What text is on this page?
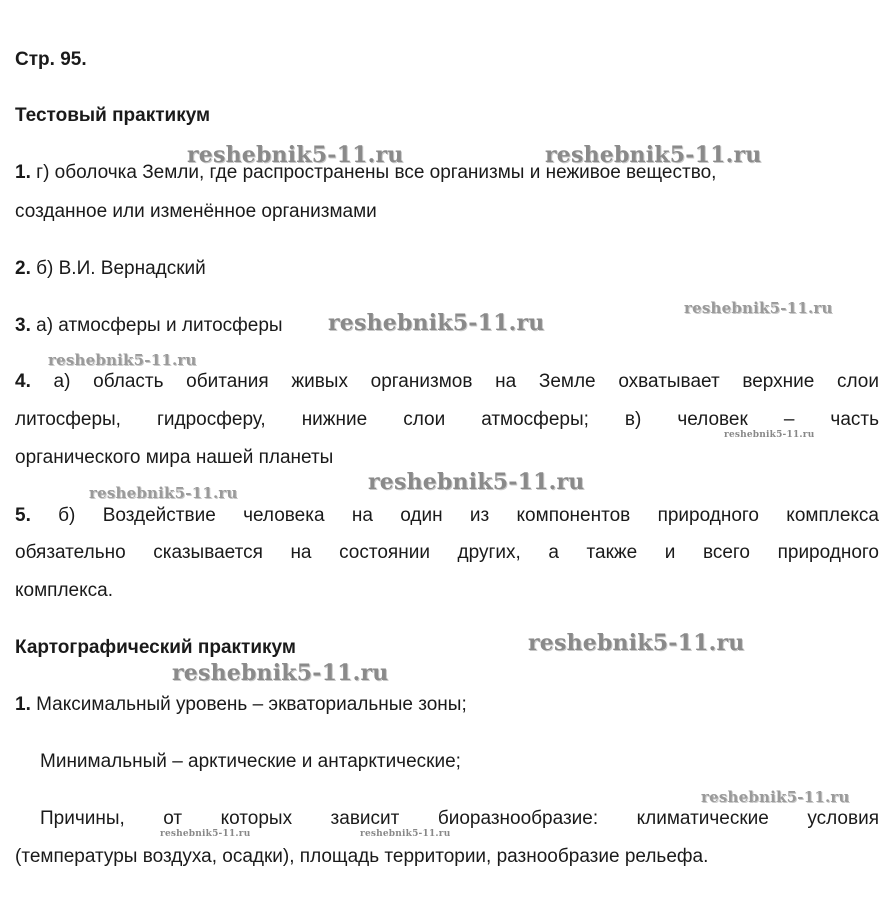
Стр. 95.
Тестовый практикум
1. г) оболочка Земли, где распространены все организмы и неживое вещество,
созданное или изменённое организмами
2. б) В.И. Вернадский
3. а) атмосферы и литосферы
4. а) область обитания живых организмов на Земле охватывает верхние слои
литосферы, гидросферу, нижние слои атмосферы; в) человек – часть
органического мира нашей планеты
5. б) Воздействие человека на один из компонентов природного комплекса
обязательно сказывается на состоянии других, а также и всего природного
комплекса.
Картографический практикум
1. Максимальный уровень – экваториальные зоны;
Минимальный – арктические и антарктические;
Причины, от которых зависит биоразнообразие: климатические условия
(температуры воздуха, осадки), площадь территории, разнообразие рельефа.
reshebnik5-11.ru	reshebnik5-11.ru
reshebnik5-11.ru
reshebnik5-11.ru
reshebnik5-11.ru
reshebnik5-11.ru
reshebnik5-11.ru
reshebnik5-11.ru
reshebnik5-11.ru
reshebnik5-11.ru
reshebnik5-11.ru
reshebnik5-11.ru	reshebnik5-11.ru
